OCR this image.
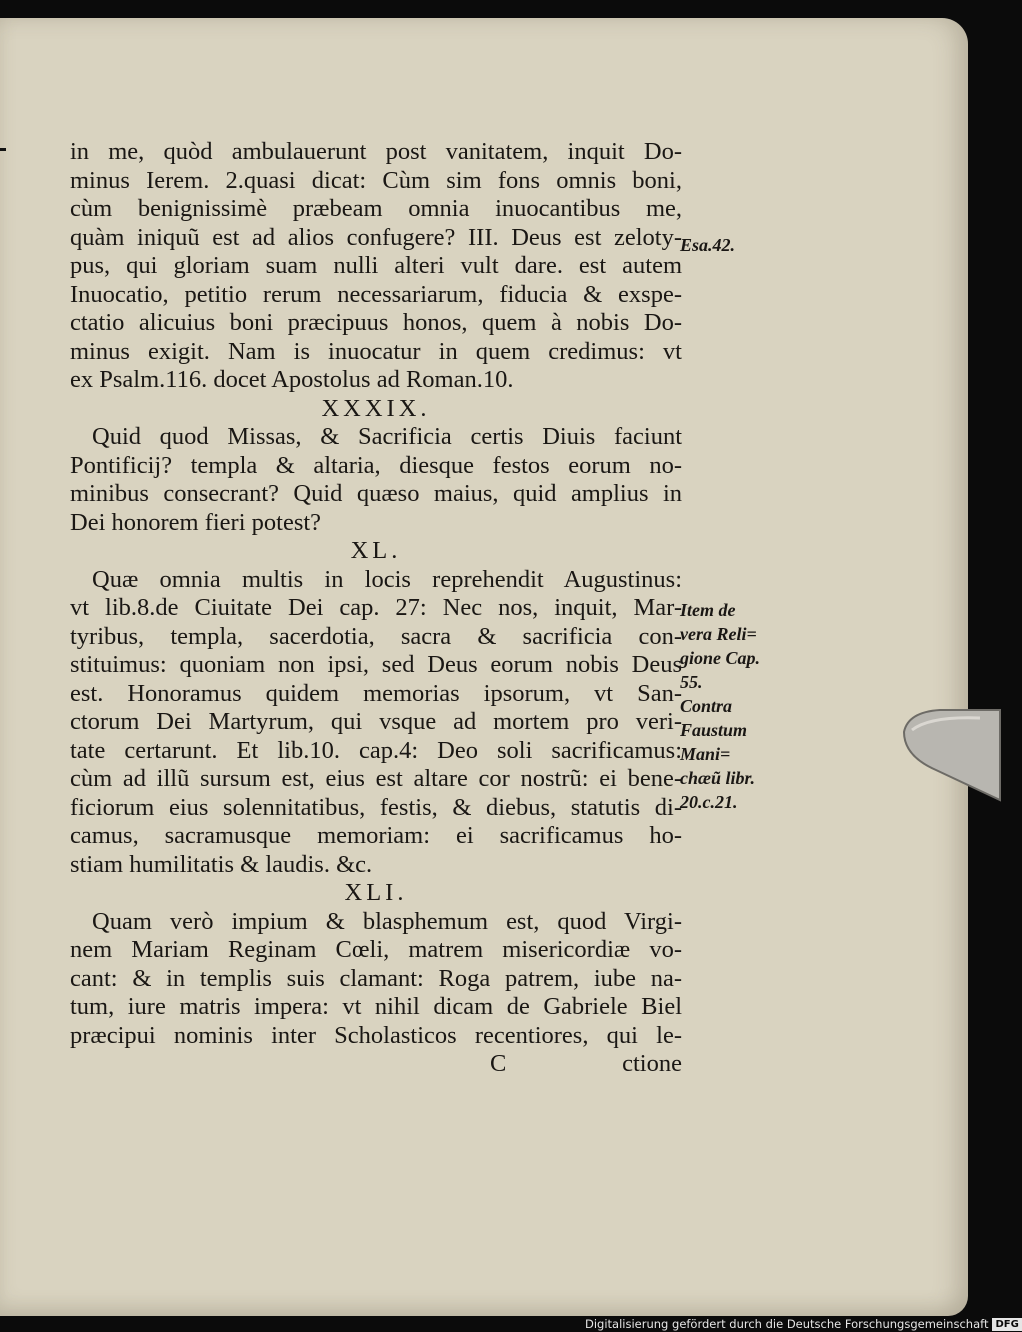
in me, quòd ambulauerunt post vanitatem, inquit Do-
minus Ierem. 2.quasi dicat: Cùm sim fons omnis boni,
cùm benignissimè præbeam omnia inuocantibus me,
quàm iniquũ est ad alios confugere? III. Deus est zeloty-
pus, qui gloriam suam nulli alteri vult dare. est autem
Inuocatio, petitio rerum necessariarum, fiducia & exspe-
ctatio alicuius boni præcipuus honos, quem à nobis Do-
minus exigit. Nam is inuocatur in quem credimus: vt
ex Psalm.116. docet Apostolus ad Roman.10.
XXXIX.
Quid quod Missas, & Sacrificia certis Diuis faciunt
Pontificij? templa & altaria, diesque festos eorum no-
minibus consecrant? Quid quæso maius, quid amplius in
Dei honorem fieri potest?
XL.
Quæ omnia multis in locis reprehendit Augustinus:
vt lib.8.de Ciuitate Dei cap. 27: Nec nos, inquit, Mar-
tyribus, templa, sacerdotia, sacra & sacrificia con-
stituimus: quoniam non ipsi, sed Deus eorum nobis Deus
est. Honoramus quidem memorias ipsorum, vt San-
ctorum Dei Martyrum, qui vsque ad mortem pro veri-
tate certarunt. Et lib.10. cap.4: Deo soli sacrificamus:
cùm ad illũ sursum est, eius est altare cor nostrũ: ei bene-
ficiorum eius solennitatibus, festis, & diebus, statutis di-
camus, sacramusque memoriam: ei sacrificamus ho-
stiam humilitatis & laudis. &c.
XLI.
Quam verò impium & blasphemum est, quod Virgi-
nem Mariam Reginam Cœli, matrem misericordiæ vo-
cant: & in templis suis clamant: Roga patrem, iube na-
tum, iure matris impera: vt nihil dicam de Gabriele Biel
præcipui nominis inter Scholasticos recentiores, qui le-
C	ctione
Esa.42.
Item de
vera Reli=
gione Cap.
55.
Contra
Faustum
Mani=
chæũ libr.
20.c.21.
Digitalisierung gefördert durch die Deutsche Forschungsgemeinschaft DFG
